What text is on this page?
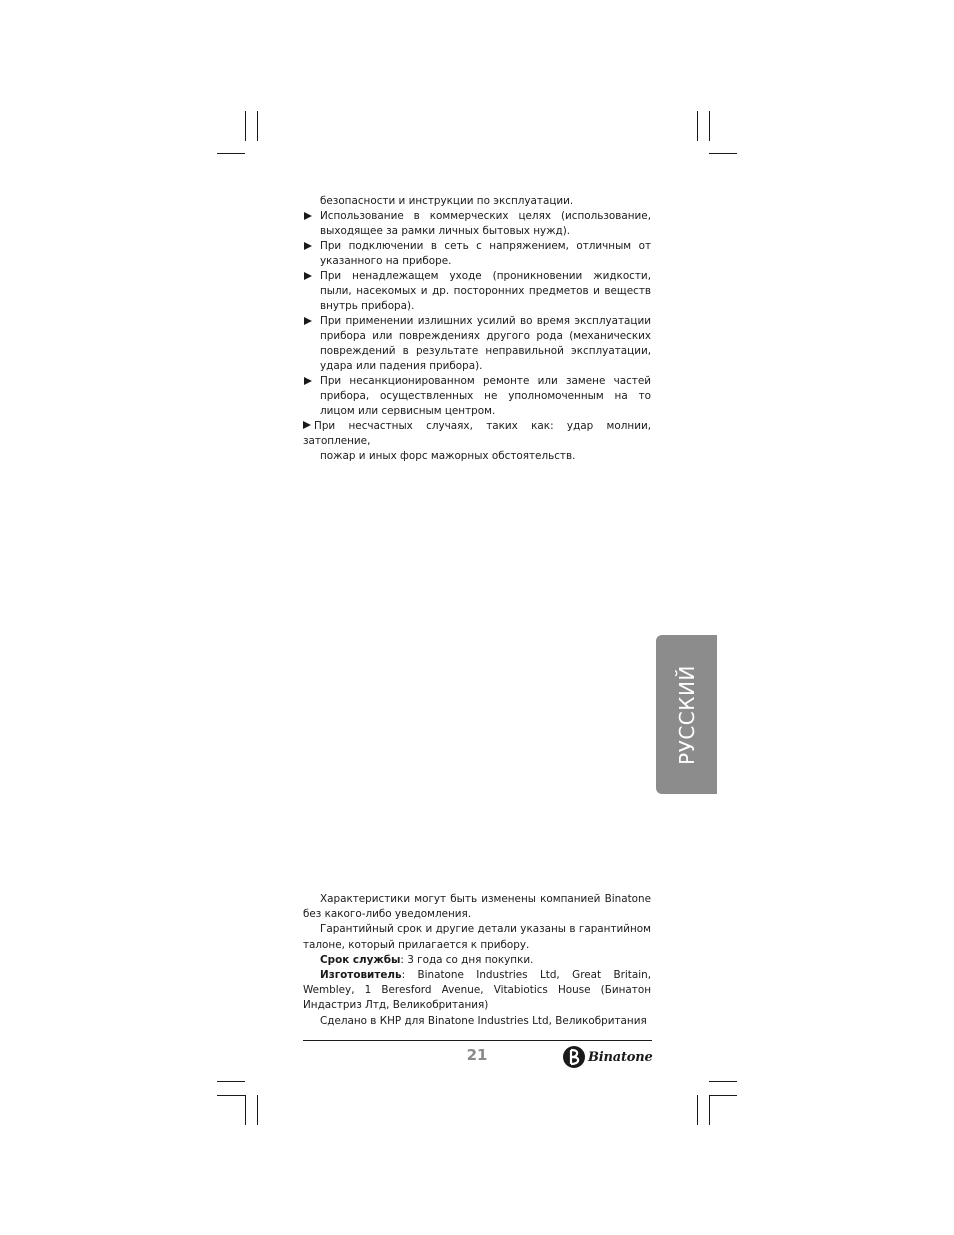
безопасности и инструкции по эксплуатации.

Использование в коммерческих целях (использование, выходящее за рамки личных бытовых нужд).
При подключении в сеть с напряжением, отличным от указанного на приборе.
При ненадлежащем уходе (проникновении жидкости, пыли, насекомых и др. посторонних предметов и веществ внутрь прибора).
При применении излишних усилий во время эксплуатации прибора или повреждениях другого рода (механических повреждений в результате неправильной эксплуатации, удара или падения прибора).
При несанкционированном ремонте или замене частей прибора, осуществленных не уполномоченным на то лицом или сервисным центром.
При несчастных случаях, таких как: удар молнии, затопление,
пожар и иных форс мажорных обстоятельств.
РУССКИЙ

Характеристики могут быть изменены компанией Binatone без какого-либо уведомления.

Гарантийный срок и другие детали указаны в гарантийном талоне, который прилагается к прибору.

Срок службы: 3 года со дня покупки.

Изготовитель: Binatone Industries Ltd, Great Britain, Wembley, 1 Beresford Avenue, Vitabiotics House (Бинатон Индастриз Лтд, Великобритания)

Сделано в КНР для Binatone Industries Ltd, Великобритания

21	Binatone
